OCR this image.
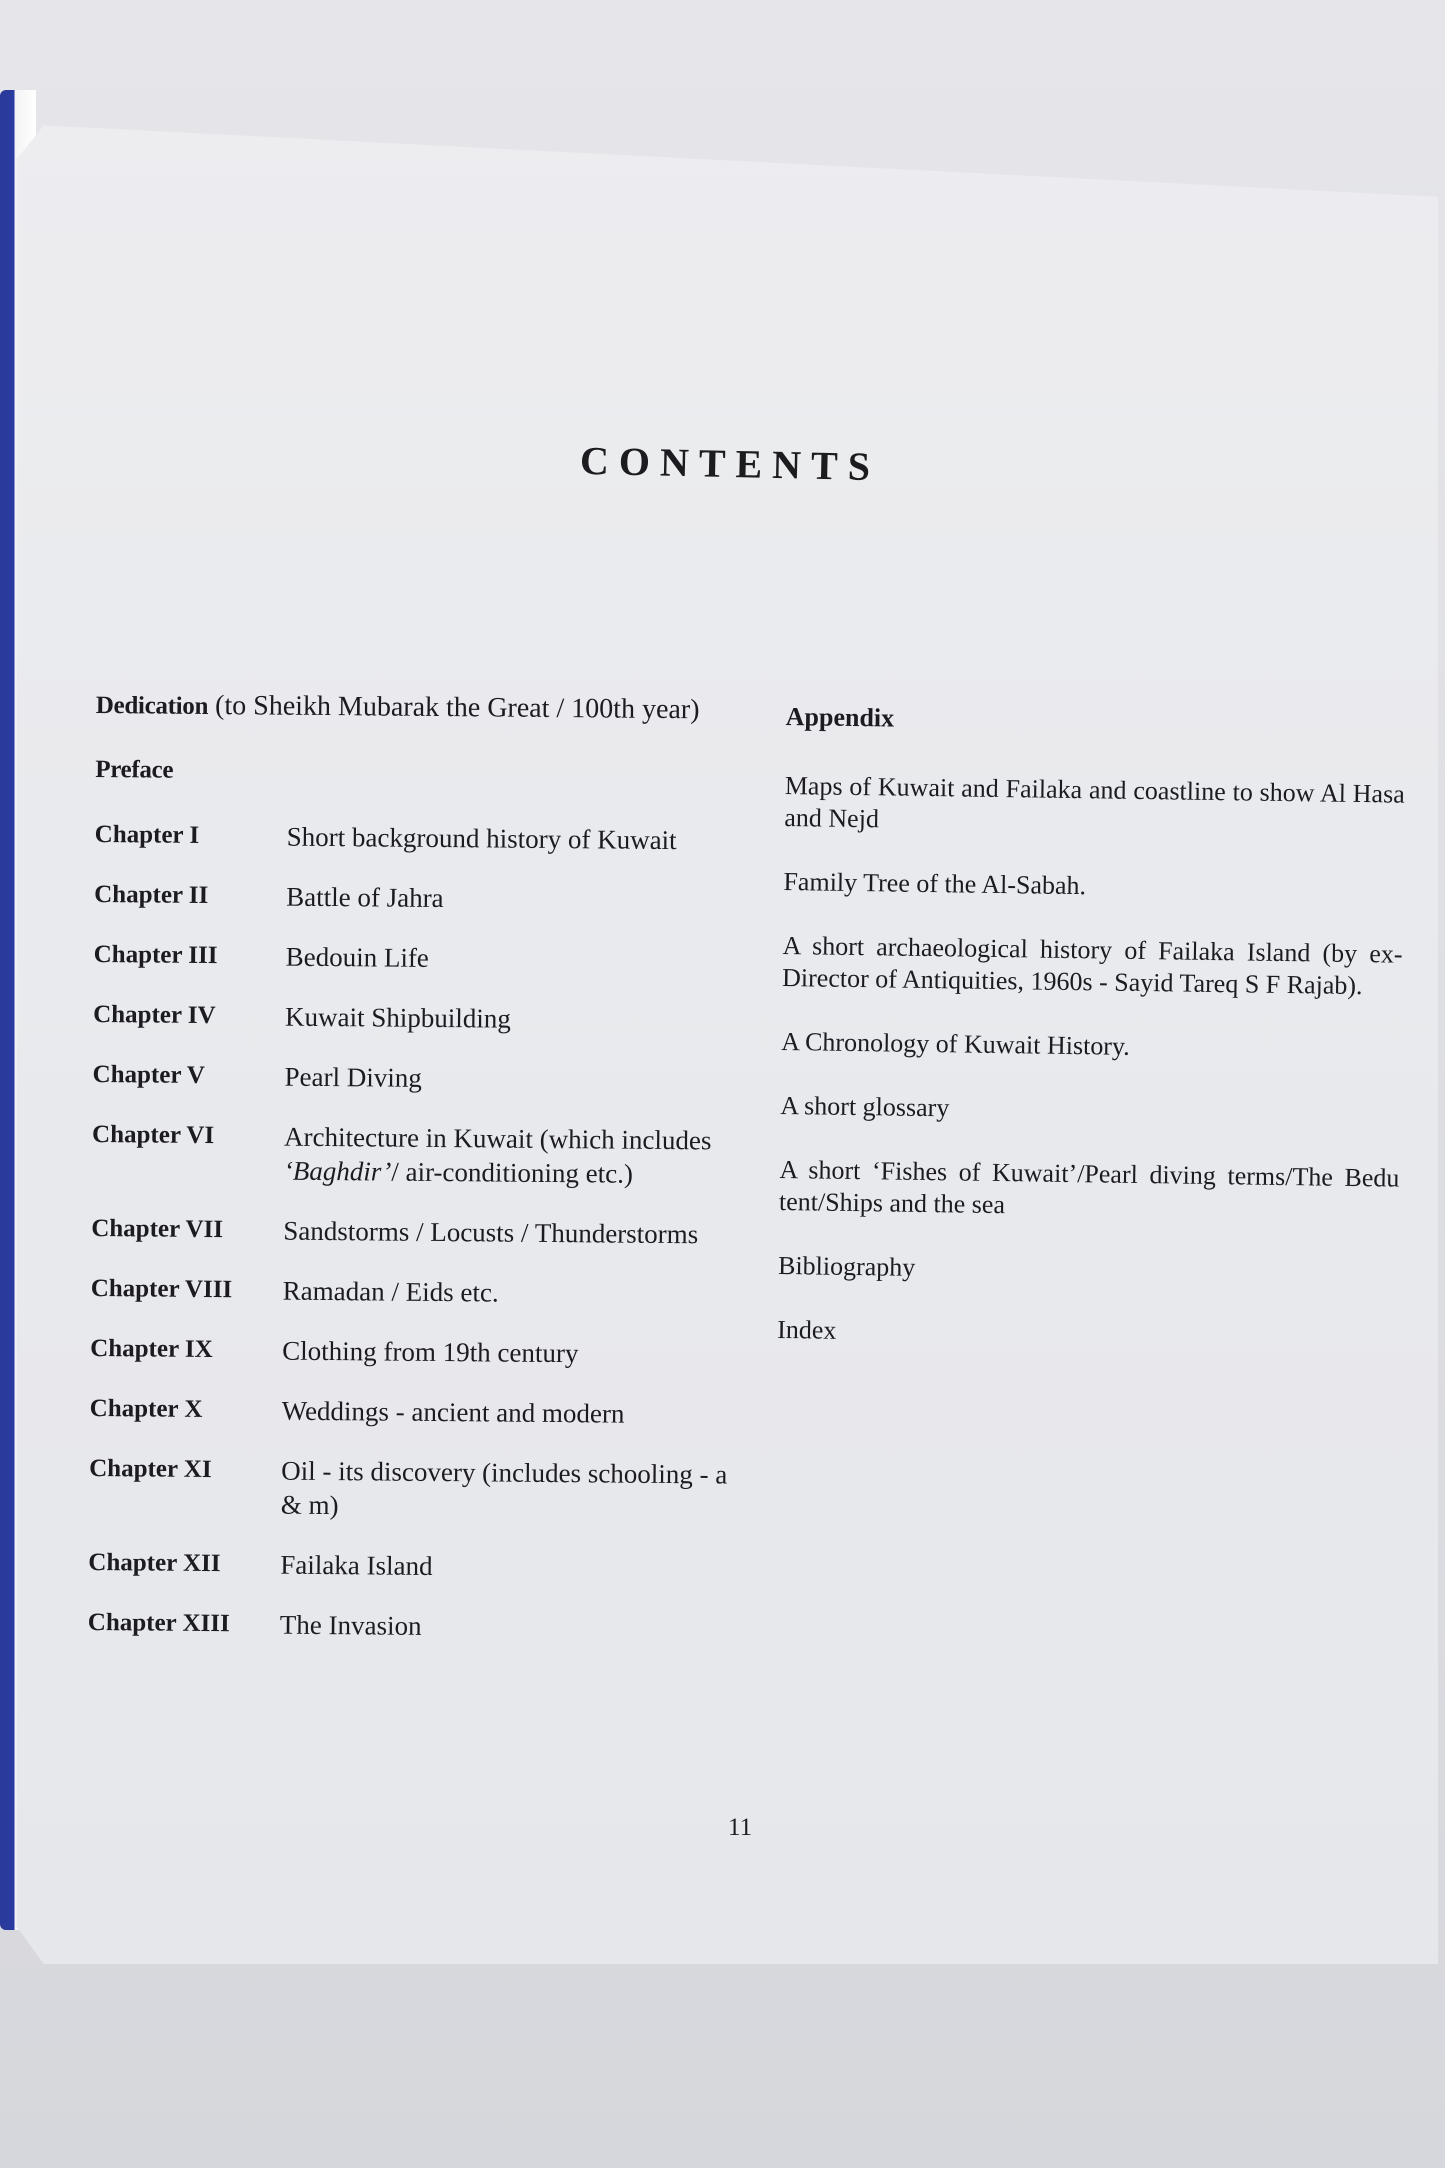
CONTENTS
Dedication (to Sheikh Mubarak the Great / 100th year)
Preface
Chapter I	Short background history of Kuwait
Chapter II	Battle of Jahra
Chapter III	Bedouin Life
Chapter IV	Kuwait Shipbuilding
Chapter V	Pearl Diving
Chapter VI	Architecture in Kuwait (which includes ‘Baghdir’/ air-conditioning etc.)
Chapter VII	Sandstorms / Locusts / Thunderstorms
Chapter VIII	Ramadan / Eids etc.
Chapter IX	Clothing from 19th century
Chapter X	Weddings - ancient and modern
Chapter XI	Oil - its discovery (includes schooling - a & m)
Chapter XII	Failaka Island
Chapter XIII	The Invasion
Appendix
Maps of Kuwait and Failaka and coastline to show Al Hasa and Nejd
Family Tree of the Al-Sabah.
A short archaeological history of Failaka Island (by ex-Director of Antiquities, 1960s - Sayid Tareq S F Rajab).
A Chronology of Kuwait History.
A short glossary
A short ‘Fishes of Kuwait’/Pearl diving terms/The Bedu tent/Ships and the sea
Bibliography
Index
11
